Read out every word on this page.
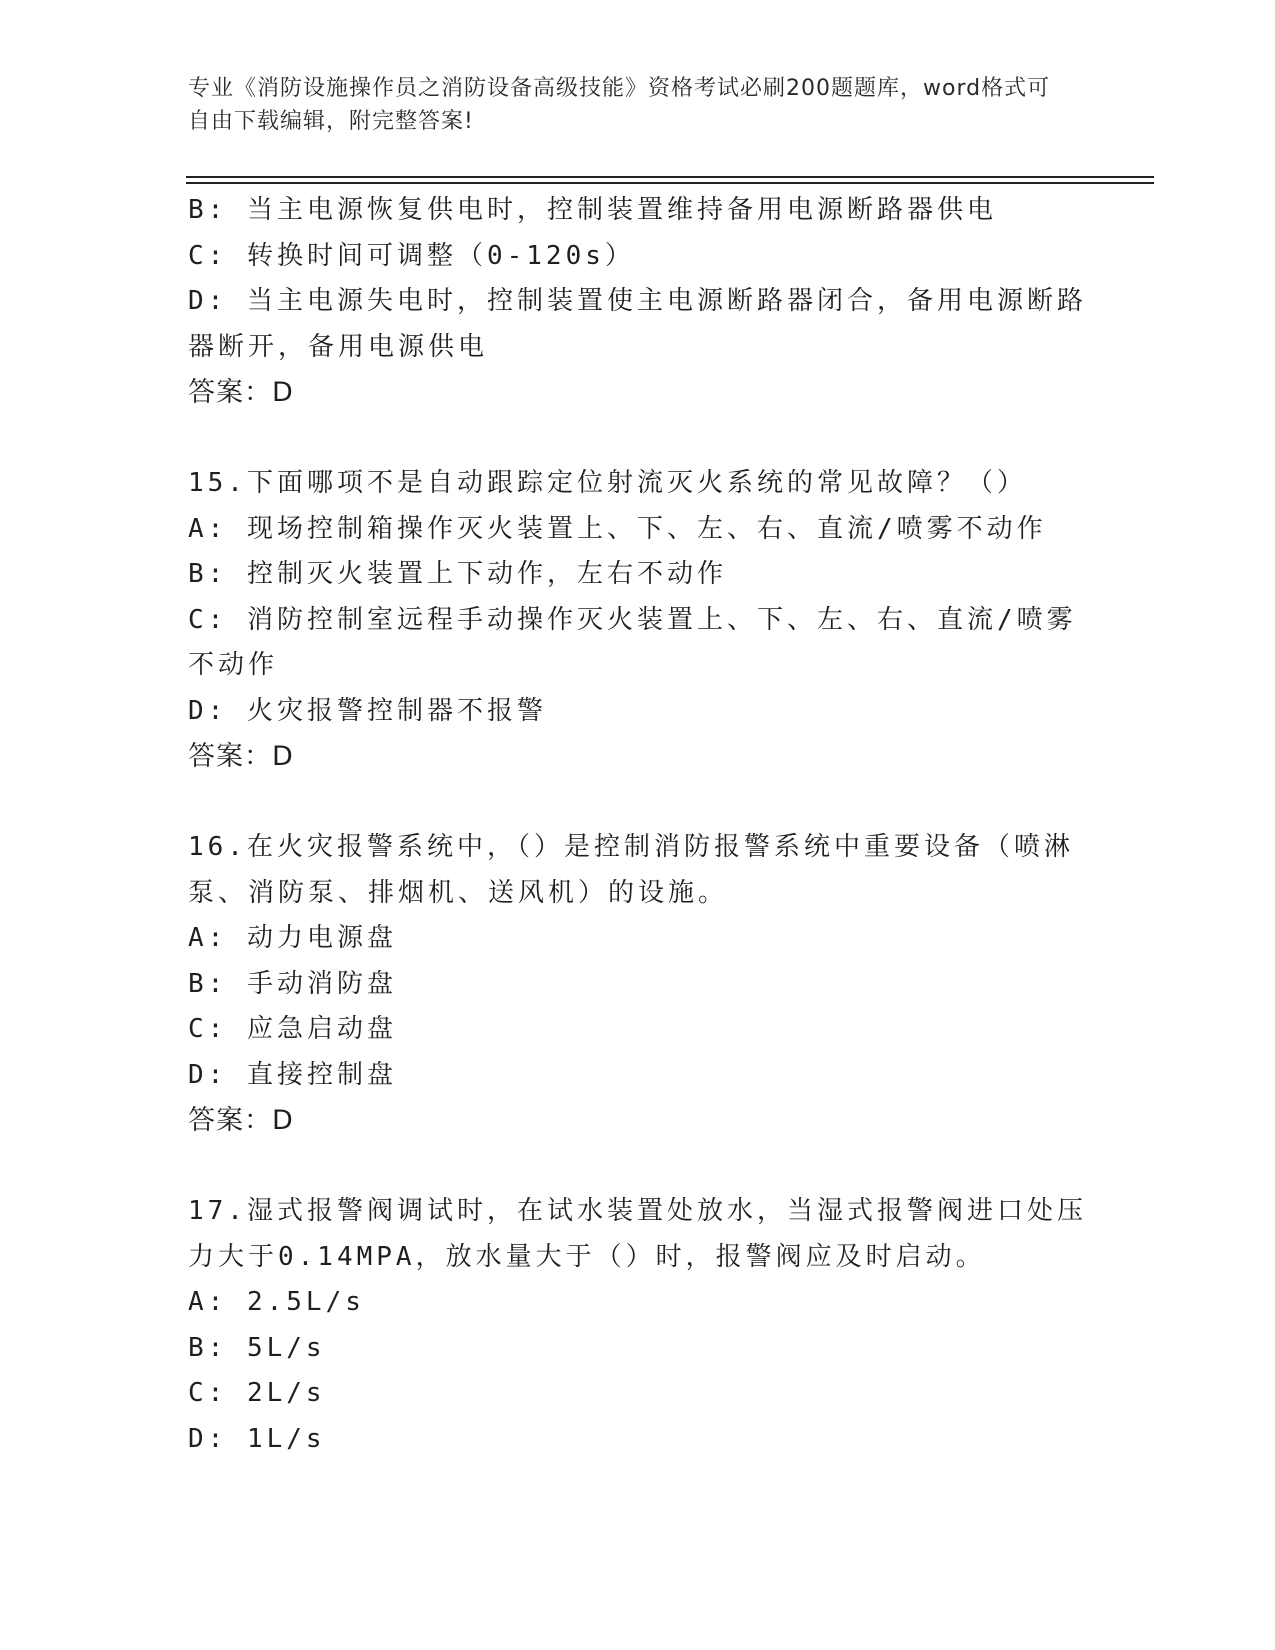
专业《消防设施操作员之消防设备高级技能》资格考试必刷200题题库，word格式可自由下载编辑，附完整答案!
B: 当主电源恢复供电时，控制装置维持备用电源断路器供电
C: 转换时间可调整（0-120s）
D: 当主电源失电时，控制装置使主电源断路器闭合，备用电源断路器断开，备用电源供电
答案：D
15.下面哪项不是自动跟踪定位射流灭火系统的常见故障？（）
A: 现场控制箱操作灭火装置上、下、左、右、直流/喷雾不动作
B: 控制灭火装置上下动作，左右不动作
C: 消防控制室远程手动操作灭火装置上、下、左、右、直流/喷雾不动作
D: 火灾报警控制器不报警
答案：D
16.在火灾报警系统中，（）是控制消防报警系统中重要设备（喷淋泵、消防泵、排烟机、送风机）的设施。
A: 动力电源盘
B: 手动消防盘
C: 应急启动盘
D: 直接控制盘
答案：D
17.湿式报警阀调试时，在试水装置处放水，当湿式报警阀进口处压力大于0.14MPA，放水量大于（）时，报警阀应及时启动。
A: 2.5L/s
B: 5L/s
C: 2L/s
D: 1L/s
